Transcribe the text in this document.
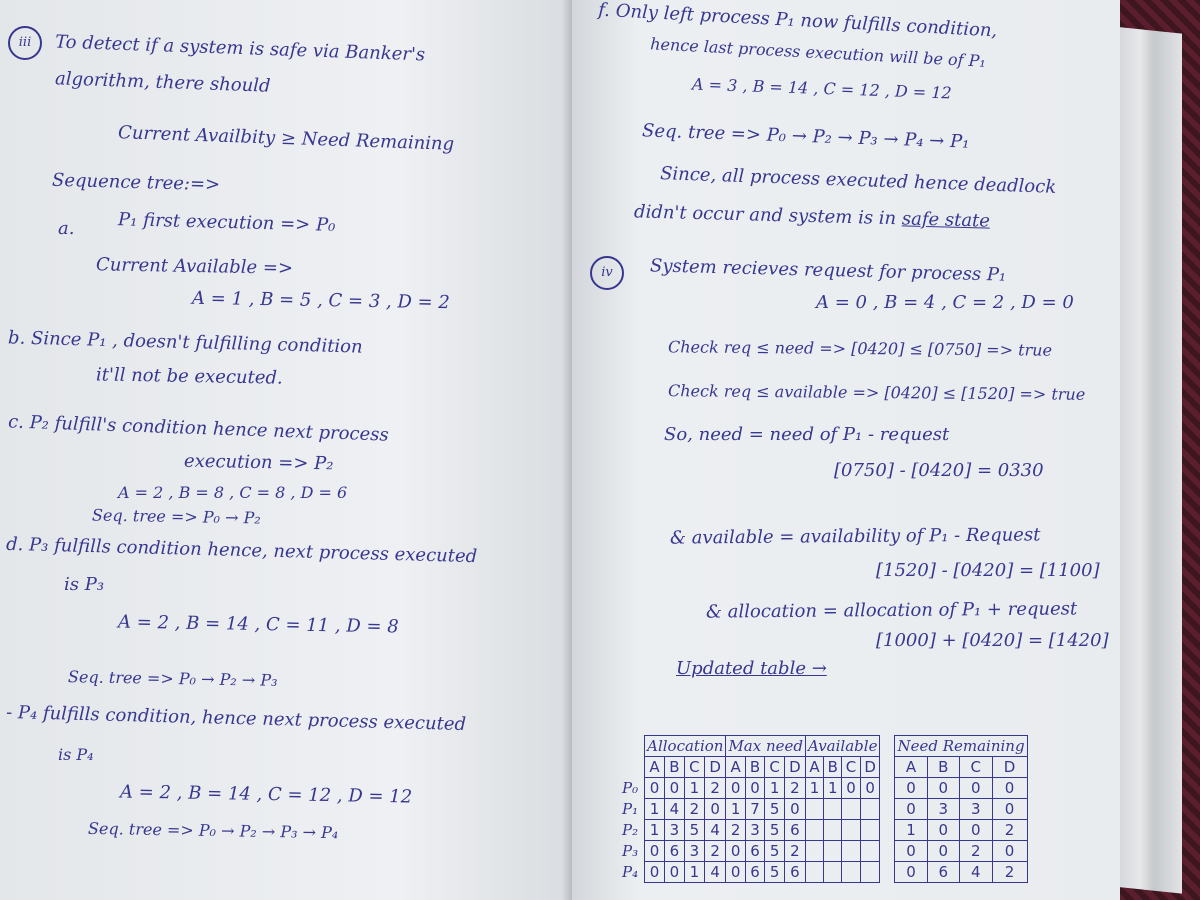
iii	To detect if a system is safe via Banker's
algorithm, there should
Current Availbity ≥ Need Remaining
Sequence tree:=>
a. P₁ first execution => P₀
Current Available =>
A = 1 , B = 5 , C = 3 , D = 2
b. Since P₁ , doesn't fulfilling condition
it'll not be executed.
c. P₂ fulfill's condition hence next process
execution => P₂
A = 2 , B = 8 , C = 8 , D = 6
Seq. tree => P₀ → P₂
d. P₃ fulfills condition hence, next process executed
is P₃
A = 2 , B = 14 , C = 11 , D = 8
Seq. tree => P₀ → P₂ → P₃
- P₄ fulfills condition, hence next process executed
is P₄
A = 2 , B = 14 , C = 12 , D = 12
Seq. tree => P₀ → P₂ → P₃ → P₄
f. Only left process P₁ now fulfills condition,
hence last process execution will be of P₁
A = 3 , B = 14 , C = 12 , D = 12
Seq. tree => P₀ → P₂ → P₃ → P₄ → P₁
Since, all process executed hence deadlock
didn't occur and system is in safe state
iv	System recieves request for process P₁
A = 0 , B = 4 , C = 2 , D = 0
Check req ≤ need => [0420] ≤ [0750] => true
Check req ≤ available => [0420] ≤ [1520] => true
So, need = need of P₁ - request
[0750] - [0420] = 0330
& available = availability of P₁ - Request
[1520] - [0420] = [1100]
& allocation = allocation of P₁ + request
[1000] + [0420] = [1420]
Updated table →
	Allocation				Max need				Available					Need Remaining			
	A	B	C	D	A	B	C	D	A	B	C	D		A	B	C	D
P₀	0	0	1	2	0	0	1	2	1	1	0	0		0	0	0	0
P₁	1	4	2	0	1	7	5	0						0	3	3	0
P₂	1	3	5	4	2	3	5	6						1	0	0	2
P₃	0	6	3	2	0	6	5	2						0	0	2	0
P₄	0	0	1	4	0	6	5	6						0	6	4	2
